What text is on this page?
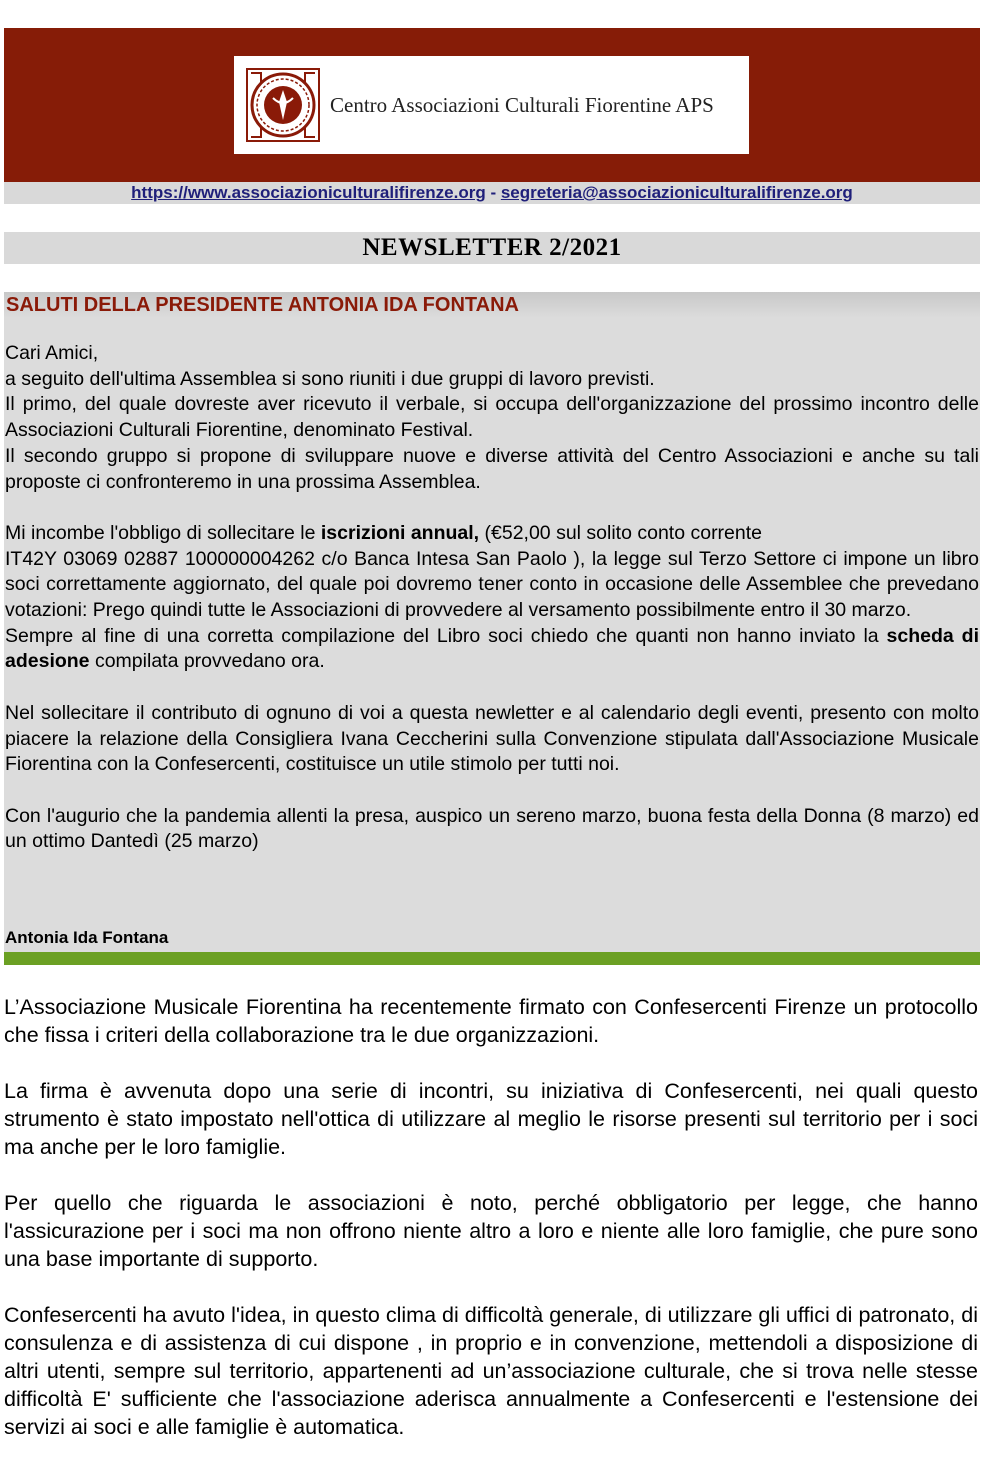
Centro Associazioni Culturali Fiorentine APS
https://www.associazioniculturalifirenze.org - segreteria@associazioniculturalifirenze.org
NEWSLETTER 2/2021
SALUTI DELLA PRESIDENTE ANTONIA IDA FONTANA

Cari Amici,
a seguito dell'ultima Assemblea si sono riuniti i due gruppi di lavoro previsti.
Il primo, del quale dovreste aver ricevuto il verbale, si occupa dell'organizzazione del prossimo incontro delle Associazioni Culturali Fiorentine, denominato Festival.
Il secondo gruppo si propone di sviluppare nuove e diverse attività del Centro Associazioni e anche su tali proposte ci confronteremo in una prossima Assemblea.

Mi incombe l'obbligo di sollecitare le iscrizioni annual, (€52,00 sul solito conto corrente
IT42Y 03069 02887 100000004262 c/o Banca Intesa San Paolo ), la legge sul Terzo Settore ci impone un libro soci correttamente aggiornato, del quale poi dovremo tener conto in occasione delle Assemblee che prevedano votazioni: Prego quindi tutte le Associazioni di provvedere al versamento possibilmente entro il 30 marzo.
Sempre al fine di una corretta compilazione del Libro soci chiedo che quanti non hanno inviato la scheda di adesione compilata provvedano ora.

Nel sollecitare il contributo di ognuno di voi a questa newletter e al calendario degli eventi, presento con molto piacere la relazione della Consigliera Ivana Ceccherini sulla Convenzione stipulata dall'Associazione Musicale Fiorentina con la Confesercenti, costituisce un utile stimolo per tutti noi.

Con l'augurio che la pandemia allenti la presa, auspico un sereno marzo, buona festa della Donna (8 marzo) ed un ottimo Dantedì (25 marzo)

Antonia Ida Fontana

L’Associazione Musicale Fiorentina ha recentemente firmato con Confesercenti Firenze un protocollo che fissa i criteri della collaborazione tra le due organizzazioni.

La firma è avvenuta dopo una serie di incontri, su iniziativa di Confesercenti, nei quali questo strumento è stato impostato nell'ottica di utilizzare al meglio le risorse presenti sul territorio per i soci ma anche per le loro famiglie.

Per quello che riguarda le associazioni è noto, perché obbligatorio per legge, che hanno l'assicurazione per i soci ma non offrono niente altro a loro e niente alle loro famiglie, che pure sono una base importante di supporto.

Confesercenti ha avuto l'idea, in questo clima di difficoltà generale, di utilizzare gli uffici di patronato, di consulenza e di assistenza di cui dispone , in proprio e in convenzione, mettendoli a disposizione di altri utenti, sempre sul territorio, appartenenti ad un’associazione culturale, che si trova nelle stesse difficoltà E' sufficiente che l'associazione aderisca annualmente a Confesercenti e l'estensione dei servizi ai soci e alle famiglie è automatica.
